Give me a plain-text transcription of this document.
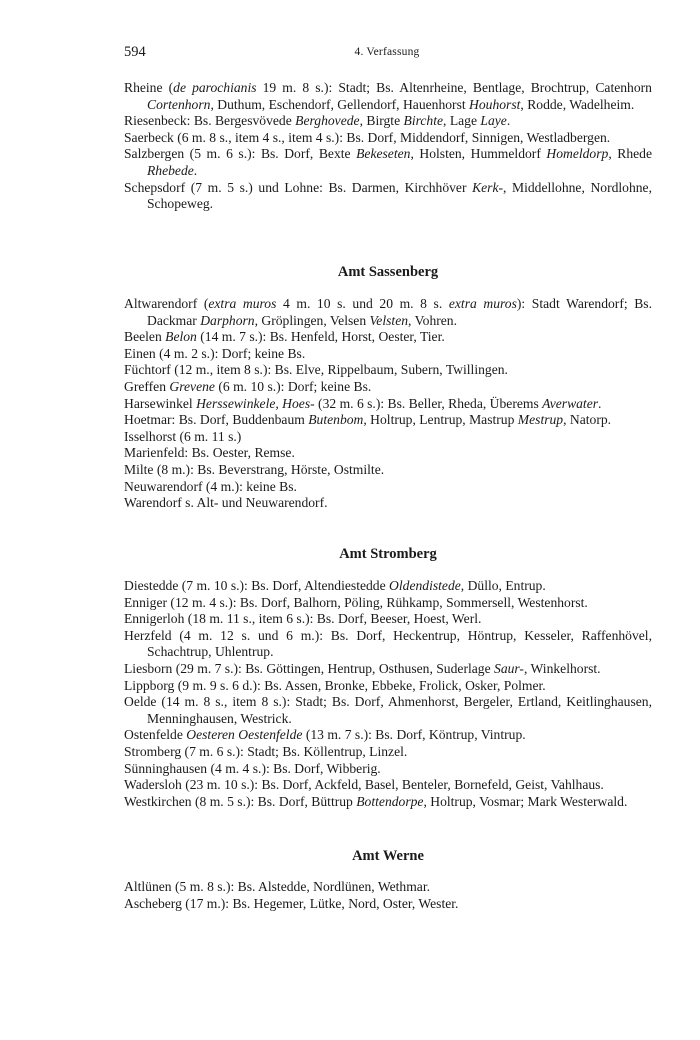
594	4. Verfassung

Rheine (de parochianis 19 m. 8 s.): Stadt; Bs. Altenrheine, Bentlage, Brochtrup, Catenhorn Cortenhorn, Duthum, Eschendorf, Gellendorf, Hauenhorst Houhorst, Rodde, Wadelheim.

Riesenbeck: Bs. Bergesvövede Berghovede, Birgte Birchte, Lage Laye.

Saerbeck (6 m. 8 s., item 4 s., item 4 s.): Bs. Dorf, Middendorf, Sinnigen, Westladbergen.

Salzbergen (5 m. 6 s.): Bs. Dorf, Bexte Bekeseten, Holsten, Hummeldorf Homeldorp, Rhede Rhebede.

Schepsdorf (7 m. 5 s.) und Lohne: Bs. Darmen, Kirchhöver Kerk-, Middellohne, Nordlohne, Schopeweg.

Amt Sassenberg

Altwarendorf (extra muros 4 m. 10 s. und 20 m. 8 s. extra muros): Stadt Warendorf; Bs. Dackmar Darphorn, Gröplingen, Velsen Velsten, Vohren.

Beelen Belon (14 m. 7 s.): Bs. Henfeld, Horst, Oester, Tier.

Einen (4 m. 2 s.): Dorf; keine Bs.

Füchtorf (12 m., item 8 s.): Bs. Elve, Rippelbaum, Subern, Twillingen.

Greffen Grevene (6 m. 10 s.): Dorf; keine Bs.

Harsewinkel Herssewinkele, Hoes- (32 m. 6 s.): Bs. Beller, Rheda, Überems Averwater.

Hoetmar: Bs. Dorf, Buddenbaum Butenbom, Holtrup, Lentrup, Mastrup Mestrup, Natorp.

Isselhorst (6 m. 11 s.)

Marienfeld: Bs. Oester, Remse.

Milte (8 m.): Bs. Beverstrang, Hörste, Ostmilte.

Neuwarendorf (4 m.): keine Bs.

Warendorf s. Alt- und Neuwarendorf.

Amt Stromberg

Diestedde (7 m. 10 s.): Bs. Dorf, Altendiestedde Oldendistede, Düllo, Entrup.

Enniger (12 m. 4 s.): Bs. Dorf, Balhorn, Pöling, Rühkamp, Sommersell, Westenhorst.

Ennigerloh (18 m. 11 s., item 6 s.): Bs. Dorf, Beeser, Hoest, Werl.

Herzfeld (4 m. 12 s. und 6 m.): Bs. Dorf, Heckentrup, Höntrup, Kesseler, Raffenhövel, Schachtrup, Uhlentrup.

Liesborn (29 m. 7 s.): Bs. Göttingen, Hentrup, Osthusen, Suderlage Saur-, Winkelhorst.

Lippborg (9 m. 9 s. 6 d.): Bs. Assen, Bronke, Ebbeke, Frolick, Osker, Polmer.

Oelde (14 m. 8 s., item 8 s.): Stadt; Bs. Dorf, Ahmenhorst, Bergeler, Ertland, Keitlinghausen, Menninghausen, Westrick.

Ostenfelde Oesteren Oestenfelde (13 m. 7 s.): Bs. Dorf, Köntrup, Vintrup.

Stromberg (7 m. 6 s.): Stadt; Bs. Köllentrup, Linzel.

Sünninghausen (4 m. 4 s.): Bs. Dorf, Wibberig.

Wadersloh (23 m. 10 s.): Bs. Dorf, Ackfeld, Basel, Benteler, Bornefeld, Geist, Vahlhaus.

Westkirchen (8 m. 5 s.): Bs. Dorf, Büttrup Bottendorpe, Holtrup, Vosmar; Mark Westerwald.

Amt Werne

Altlünen (5 m. 8 s.): Bs. Alstedde, Nordlünen, Wethmar.

Ascheberg (17 m.): Bs. Hegemer, Lütke, Nord, Oster, Wester.
